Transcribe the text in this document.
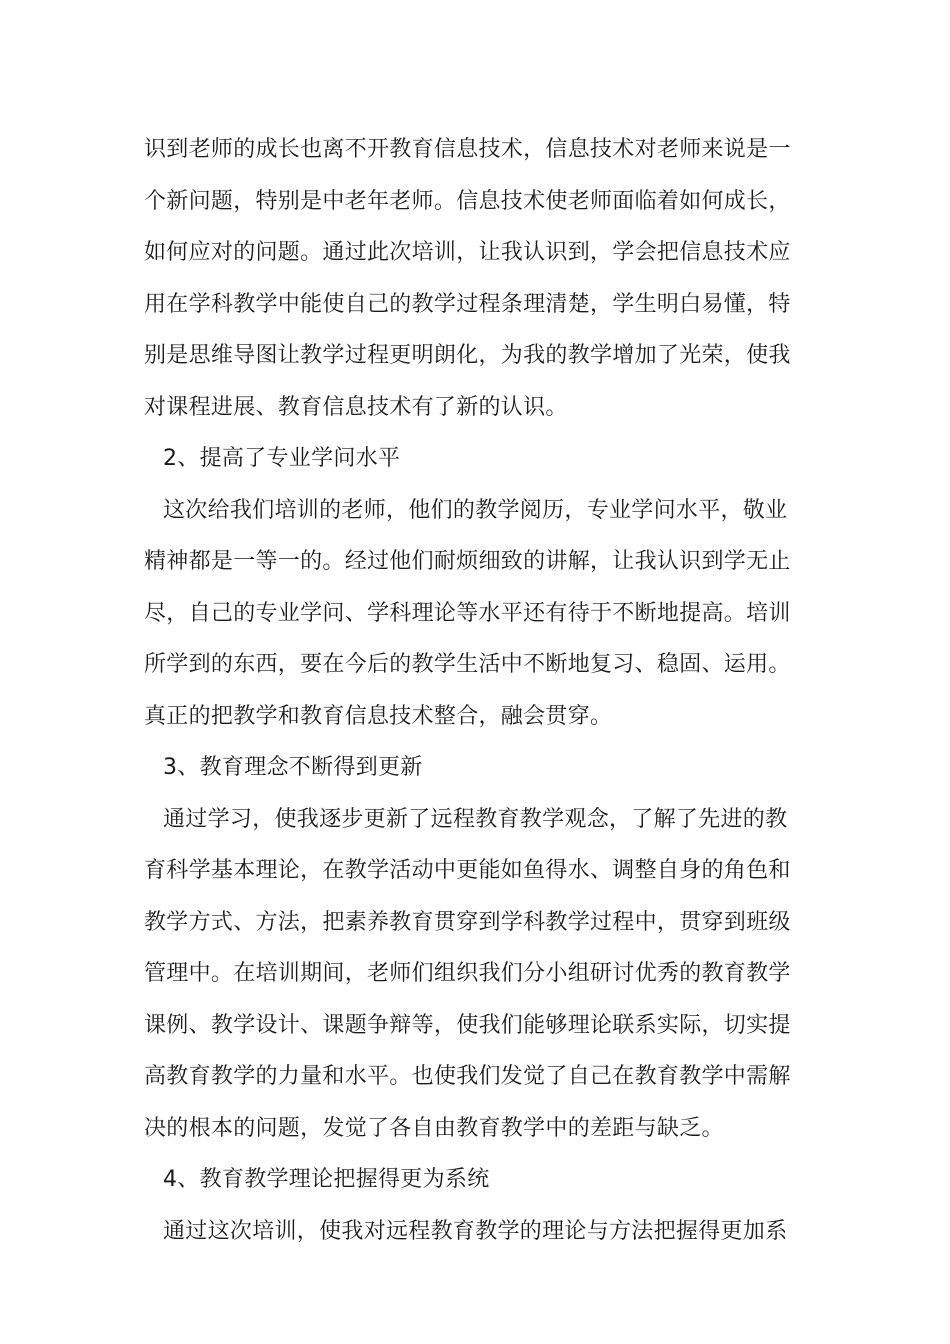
识到老师的成长也离不开教育信息技术，信息技术对老师来说是一
个新问题，特别是中老年老师。信息技术使老师面临着如何成长，
如何应对的问题。通过此次培训，让我认识到，学会把信息技术应
用在学科教学中能使自己的教学过程条理清楚，学生明白易懂，特
别是思维导图让教学过程更明朗化，为我的教学增加了光荣，使我
对课程进展、教育信息技术有了新的认识。
2、提高了专业学问水平
这次给我们培训的老师，他们的教学阅历，专业学问水平，敬业
精神都是一等一的。经过他们耐烦细致的讲解，让我认识到学无止
尽，自己的专业学问、学科理论等水平还有待于不断地提高。培训
所学到的东西，要在今后的教学生活中不断地复习、稳固、运用。
真正的把教学和教育信息技术整合，融会贯穿。
3、教育理念不断得到更新
通过学习，使我逐步更新了远程教育教学观念，了解了先进的教
育科学基本理论，在教学活动中更能如鱼得水、调整自身的角色和
教学方式、方法，把素养教育贯穿到学科教学过程中，贯穿到班级
管理中。在培训期间，老师们组织我们分小组研讨优秀的教育教学
课例、教学设计、课题争辩等，使我们能够理论联系实际，切实提
高教育教学的力量和水平。也使我们发觉了自己在教育教学中需解
决的根本的问题，发觉了各自由教育教学中的差距与缺乏。
4、教育教学理论把握得更为系统
通过这次培训，使我对远程教育教学的理论与方法把握得更加系
